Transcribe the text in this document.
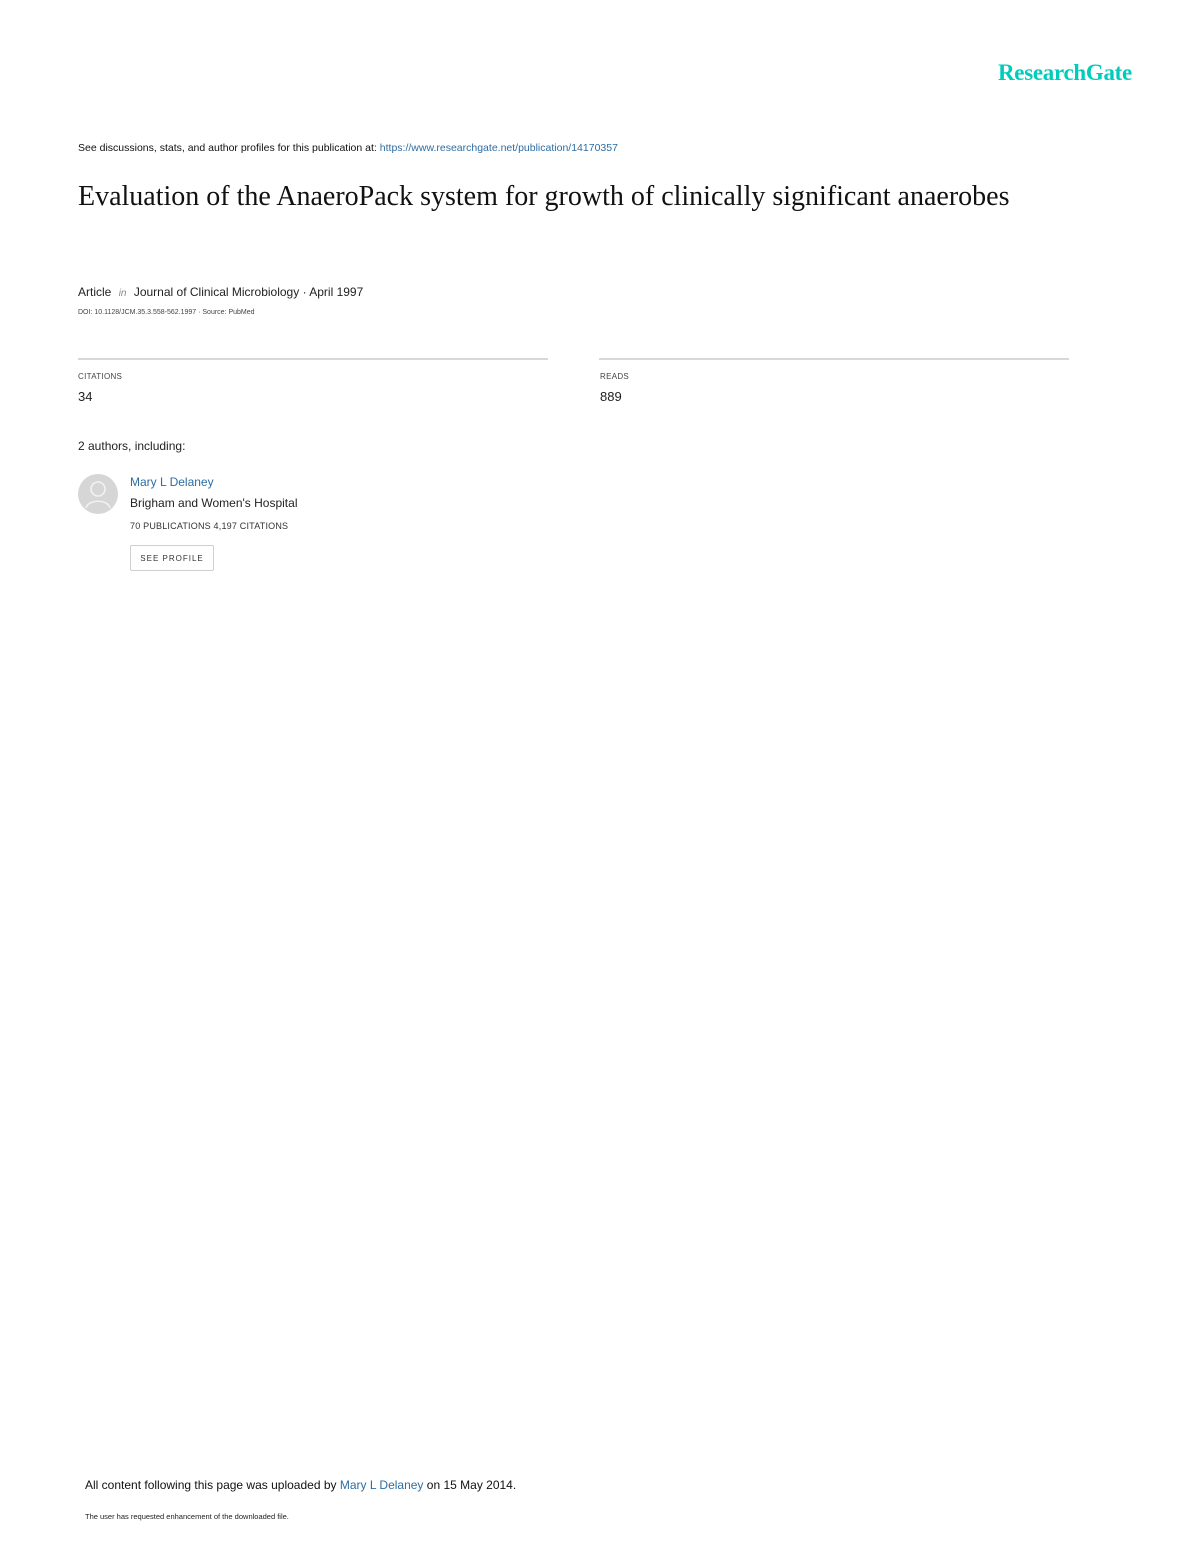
ResearchGate
See discussions, stats, and author profiles for this publication at: https://www.researchgate.net/publication/14170357
Evaluation of the AnaeroPack system for growth of clinically significant anaerobes
Article in Journal of Clinical Microbiology · April 1997
DOI: 10.1128/JCM.35.3.558-562.1997 · Source: PubMed
CITATIONS
34
READS
889
2 authors, including:
Mary L Delaney
Brigham and Women's Hospital
70 PUBLICATIONS 4,197 CITATIONS
SEE PROFILE
All content following this page was uploaded by Mary L Delaney on 15 May 2014.
The user has requested enhancement of the downloaded file.
